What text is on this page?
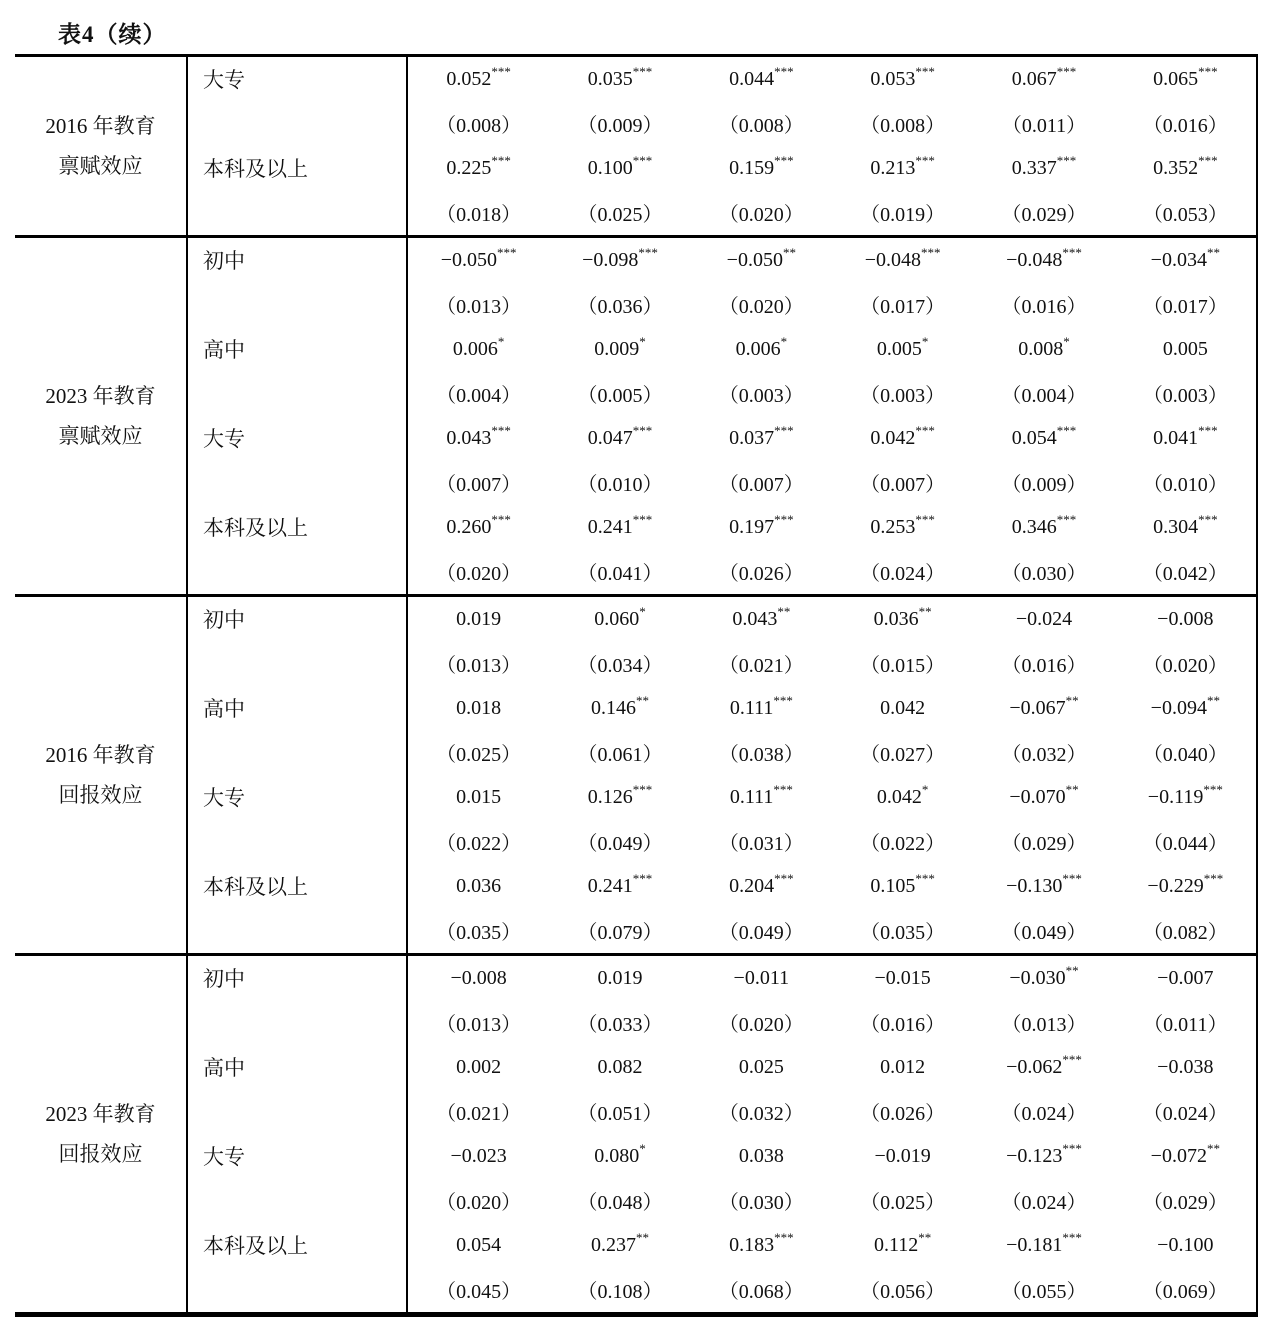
表4（续）
2016 年教育
禀赋效应
大专	0.052***	0.035***	0.044***	0.053***	0.067***	0.065***
（0.008）	（0.009）	（0.008）	（0.008）	（0.011）	（0.016）
本科及以上	0.225***	0.100***	0.159***	0.213***	0.337***	0.352***
（0.018）	（0.025）	（0.020）	（0.019）	（0.029）	（0.053）
2023 年教育
禀赋效应
初中	−0.050***	−0.098***	−0.050**	−0.048***	−0.048***	−0.034**
（0.013）	（0.036）	（0.020）	（0.017）	（0.016）	（0.017）
高中	0.006*	0.009*	0.006*	0.005*	0.008*	0.005
（0.004）	（0.005）	（0.003）	（0.003）	（0.004）	（0.003）
大专	0.043***	0.047***	0.037***	0.042***	0.054***	0.041***
（0.007）	（0.010）	（0.007）	（0.007）	（0.009）	（0.010）
本科及以上	0.260***	0.241***	0.197***	0.253***	0.346***	0.304***
（0.020）	（0.041）	（0.026）	（0.024）	（0.030）	（0.042）
2016 年教育
回报效应
初中	0.019	0.060*	0.043**	0.036**	−0.024	−0.008
（0.013）	（0.034）	（0.021）	（0.015）	（0.016）	（0.020）
高中	0.018	0.146**	0.111***	0.042	−0.067**	−0.094**
（0.025）	（0.061）	（0.038）	（0.027）	（0.032）	（0.040）
大专	0.015	0.126***	0.111***	0.042*	−0.070**	−0.119***
（0.022）	（0.049）	（0.031）	（0.022）	（0.029）	（0.044）
本科及以上	0.036	0.241***	0.204***	0.105***	−0.130***	−0.229***
（0.035）	（0.079）	（0.049）	（0.035）	（0.049）	（0.082）
2023 年教育
回报效应
初中	−0.008	0.019	−0.011	−0.015	−0.030**	−0.007
（0.013）	（0.033）	（0.020）	（0.016）	（0.013）	（0.011）
高中	0.002	0.082	0.025	0.012	−0.062***	−0.038
（0.021）	（0.051）	（0.032）	（0.026）	（0.024）	（0.024）
大专	−0.023	0.080*	0.038	−0.019	−0.123***	−0.072**
（0.020）	（0.048）	（0.030）	（0.025）	（0.024）	（0.029）
本科及以上	0.054	0.237**	0.183***	0.112**	−0.181***	−0.100
（0.045）	（0.108）	（0.068）	（0.056）	（0.055）	（0.069）
